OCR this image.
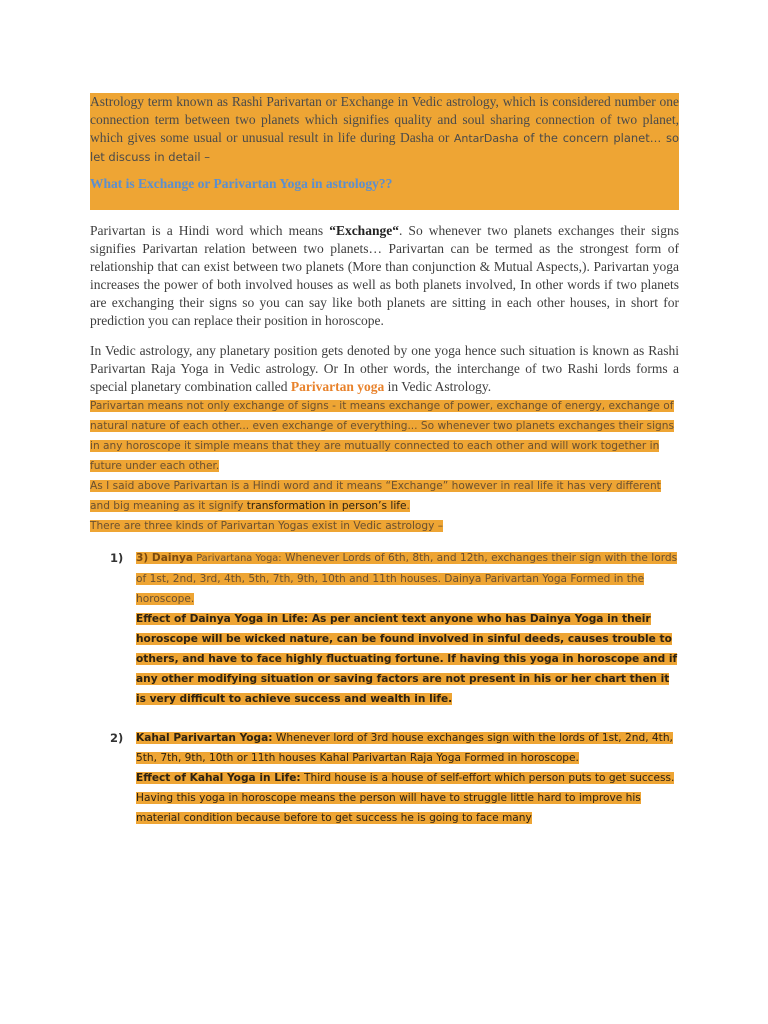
Astrology term known as Rashi Parivartan or Exchange in Vedic astrology, which is considered number one connection term between two planets which signifies quality and soul sharing connection of two planet, which gives some usual or unusual result in life during Dasha or AntarDasha of the concern planet… so let discuss in detail –

What is Exchange or Parivartan Yoga in astrology??

Parivartan is a Hindi word which means “Exchange“. So whenever two planets exchanges their signs signifies Parivartan relation between two planets… Parivartan can be termed as the strongest form of relationship that can exist between two planets (More than conjunction & Mutual Aspects,). Parivartan yoga increases the power of both involved houses as well as both planets involved, In other words if two planets are exchanging their signs so you can say like both planets are sitting in each other houses, in short for prediction you can replace their position in horoscope.

In Vedic astrology, any planetary position gets denoted by one yoga hence such situation is known as Rashi Parivartan Raja Yoga in Vedic astrology. Or In other words, the interchange of two Rashi lords forms a special planetary combination called Parivartan yoga in Vedic Astrology.

Parivartan means not only exchange of signs - it means exchange of power, exchange of energy, exchange of natural nature of each other... even exchange of everything... So whenever two planets exchanges their signs in any horoscope it simple means that they are mutually connected to each other and will work together in future under each other.

As I said above Parivartan is a Hindi word and it means “Exchange” however in real life it has very different and big meaning as it signify transformation in person’s life.

There are three kinds of Parivartan Yogas exist in Vedic astrology –

1) 3) Dainya Parivartana Yoga: Whenever Lords of 6th, 8th, and 12th, exchanges their sign with the lords of 1st, 2nd, 3rd, 4th, 5th, 7th, 9th, 10th and 11th houses. Dainya Parivartan Yoga Formed in the horoscope.

Effect of Dainya Yoga in Life: As per ancient text anyone who has Dainya Yoga in their horoscope will be wicked nature, can be found involved in sinful deeds, causes trouble to others, and have to face highly fluctuating fortune. If having this yoga in horoscope and if any other modifying situation or saving factors are not present in his or her chart then it is very difficult to achieve success and wealth in life.

2) Kahal Parivartan Yoga: Whenever lord of 3rd house exchanges sign with the lords of 1st, 2nd, 4th, 5th, 7th, 9th, 10th or 11th houses Kahal Parivartan Raja Yoga Formed in horoscope.

Effect of Kahal Yoga in Life: Third house is a house of self-effort which person puts to get success. Having this yoga in horoscope means the person will have to struggle little hard to improve his material condition because before to get success he is going to face many
